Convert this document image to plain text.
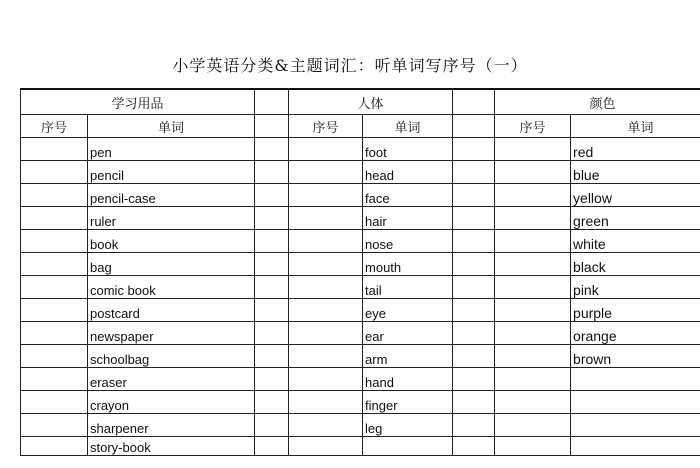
小学英语分类&主题词汇：听单词写序号（一）
学习用品			人体			颜色	
序号	单词		序号	单词		序号	单词
	pen			foot			red
	pencil			head			blue
	pencil-case			face			yellow
	ruler			hair			green
	book			nose			white
	bag			mouth			black
	comic book			tail			pink
	postcard			eye			purple
	newspaper			ear			orange
	schoolbag			arm			brown
	eraser			hand			
	crayon			finger			
	sharpener			leg			
	story-book						
